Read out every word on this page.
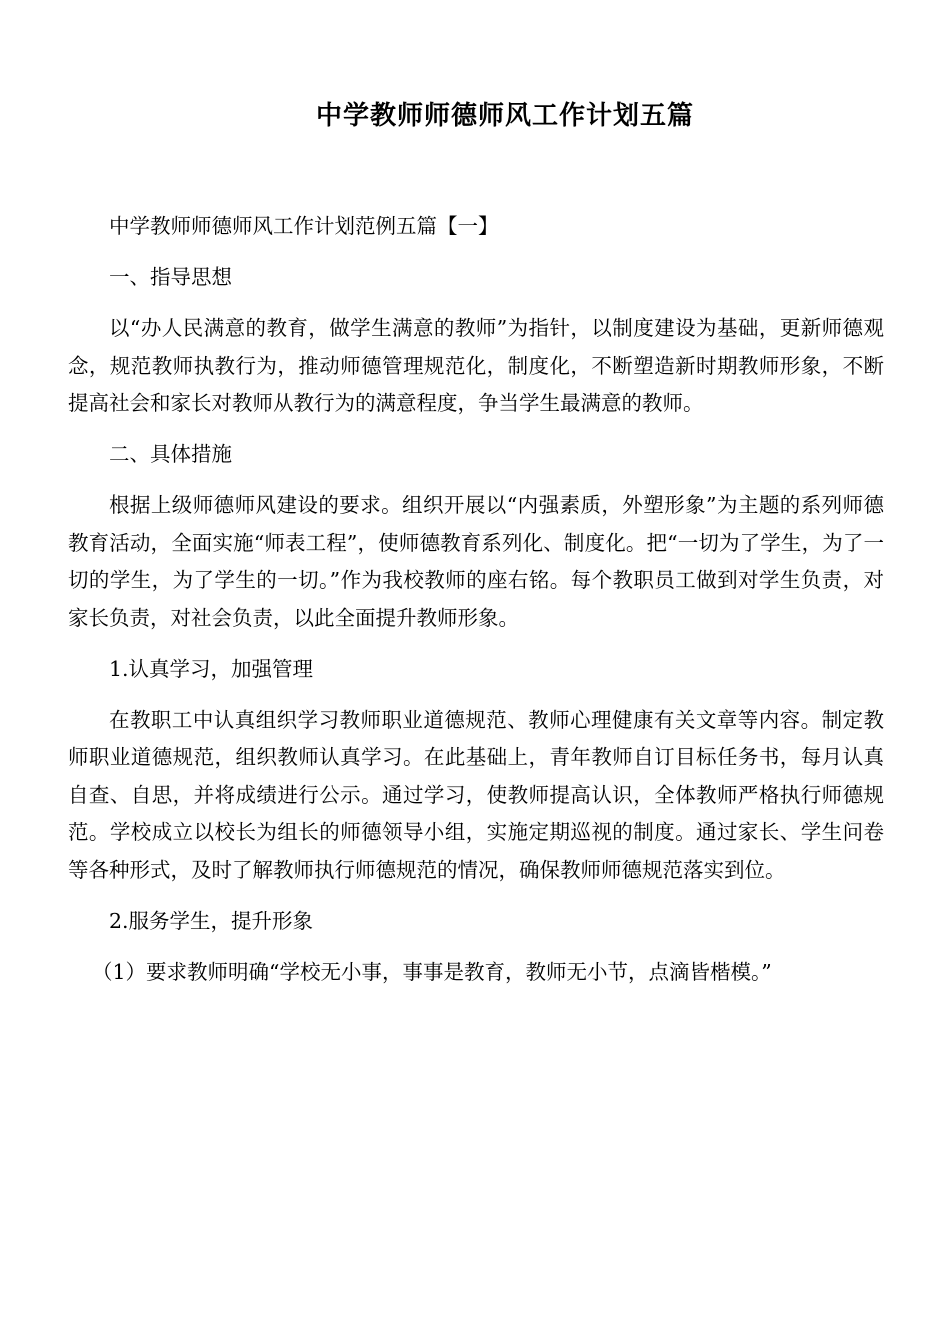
中学教师师德师风工作计划五篇

中学教师师德师风工作计划范例五篇【一】

一、指导思想

以“办人民满意的教育，做学生满意的教师”为指针，以制度建设为基础，更新师德观念，规范教师执教行为，推动师德管理规范化，制度化，不断塑造新时期教师形象，不断提高社会和家长对教师从教行为的满意程度，争当学生最满意的教师。

二、具体措施

根据上级师德师风建设的要求。组织开展以“内强素质，外塑形象”为主题的系列师德教育活动，全面实施“师表工程”，使师德教育系列化、制度化。把“一切为了学生，为了一切的学生，为了学生的一切。”作为我校教师的座右铭。每个教职员工做到对学生负责，对家长负责，对社会负责，以此全面提升教师形象。

1.认真学习，加强管理

在教职工中认真组织学习教师职业道德规范、教师心理健康有关文章等内容。制定教师职业道德规范，组织教师认真学习。在此基础上，青年教师自订目标任务书，每月认真自查、自思，并将成绩进行公示。通过学习，使教师提高认识，全体教师严格执行师德规范。学校成立以校长为组长的师德领导小组，实施定期巡视的制度。通过家长、学生问卷等各种形式，及时了解教师执行师德规范的情况，确保教师师德规范落实到位。

2.服务学生，提升形象

（1）要求教师明确“学校无小事，事事是教育，教师无小节，点滴皆楷模。”
